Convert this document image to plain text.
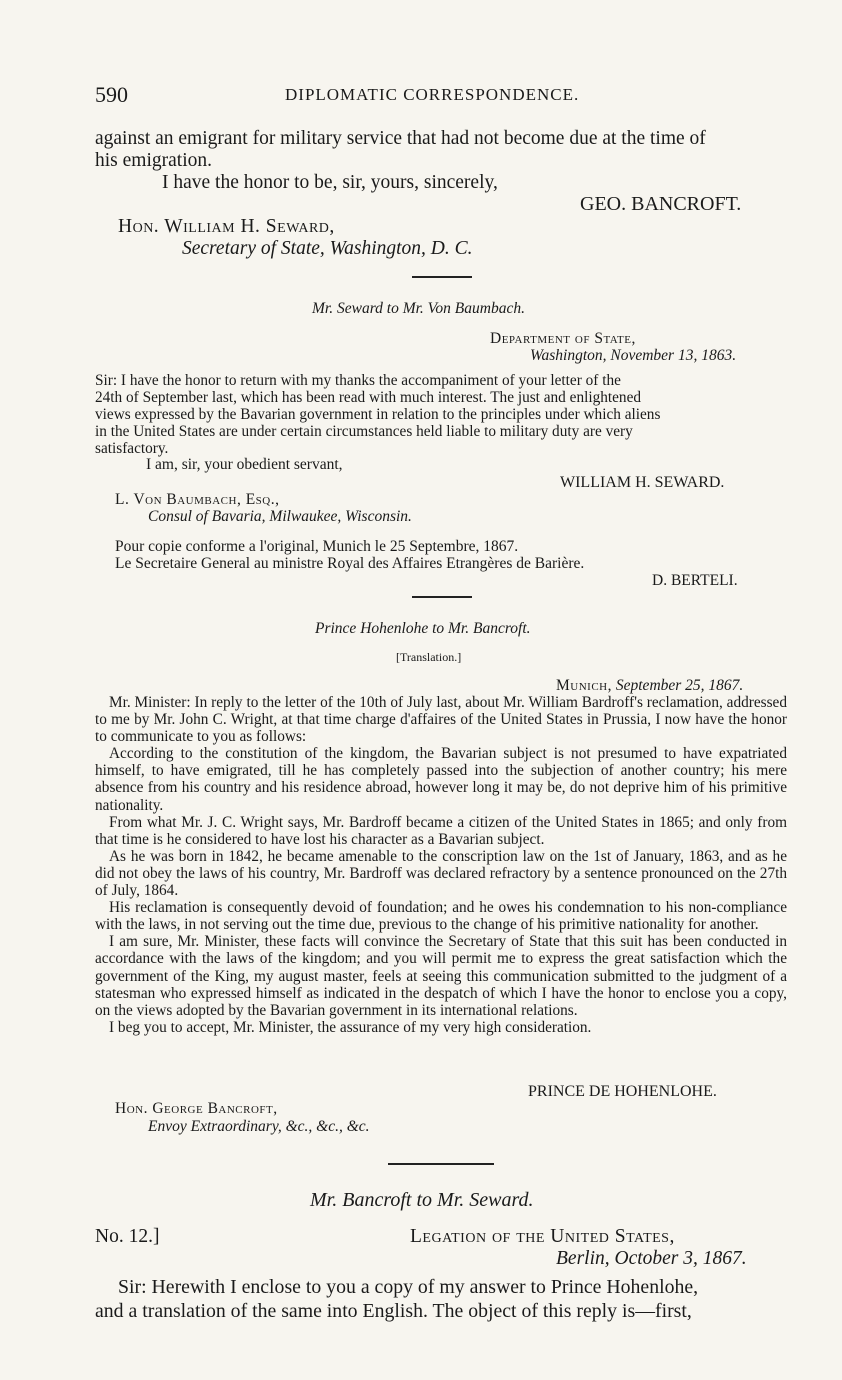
590	DIPLOMATIC CORRESPONDENCE.
against an emigrant for military service that had not become due at the time of
his emigration.
I have the honor to be, sir, yours, sincerely,
GEO. BANCROFT.
Hon. William H. Seward,
Secretary of State, Washington, D. C.
Mr. Seward to Mr. Von Baumbach.
Department of State,
Washington, November 13, 1863.
Sir: I have the honor to return with my thanks the accompaniment of your letter of the
24th of September last, which has been read with much interest. The just and enlightened
views expressed by the Bavarian government in relation to the principles under which aliens
in the United States are under certain circumstances held liable to military duty are very
satisfactory.
I am, sir, your obedient servant,
WILLIAM H. SEWARD.
L. Von Baumbach, Esq.,
Consul of Bavaria, Milwaukee, Wisconsin.
Pour copie conforme a l'original, Munich le 25 Septembre, 1867.
Le Secretaire General au ministre Royal des Affaires Etrangères de Barière.
D. BERTELI.
Prince Hohenlohe to Mr. Bancroft.
[Translation.]
Munich, September 25, 1867.
Mr. Minister: In reply to the letter of the 10th of July last, about Mr. William Bardroff's reclamation, addressed to me by Mr. John C. Wright, at that time charge d'affaires of the United States in Prussia, I now have the honor to communicate to you as follows:
According to the constitution of the kingdom, the Bavarian subject is not presumed to have expatriated himself, to have emigrated, till he has completely passed into the subjection of another country; his mere absence from his country and his residence abroad, however long it may be, do not deprive him of his primitive nationality.
From what Mr. J. C. Wright says, Mr. Bardroff became a citizen of the United States in 1865; and only from that time is he considered to have lost his character as a Bavarian subject.
As he was born in 1842, he became amenable to the conscription law on the 1st of January, 1863, and as he did not obey the laws of his country, Mr. Bardroff was declared refractory by a sentence pronounced on the 27th of July, 1864.
His reclamation is consequently devoid of foundation; and he owes his condemnation to his non-compliance with the laws, in not serving out the time due, previous to the change of his primitive nationality for another.
I am sure, Mr. Minister, these facts will convince the Secretary of State that this suit has been conducted in accordance with the laws of the kingdom; and you will permit me to express the great satisfaction which the government of the King, my august master, feels at seeing this communication submitted to the judgment of a statesman who expressed himself as indicated in the despatch of which I have the honor to enclose you a copy, on the views adopted by the Bavarian government in its international relations.
I beg you to accept, Mr. Minister, the assurance of my very high consideration.
PRINCE DE HOHENLOHE.
Hon. George Bancroft,
Envoy Extraordinary, &c., &c., &c.
Mr. Bancroft to Mr. Seward.
No. 12.]	Legation of the United States,
Berlin, October 3, 1867.
Sir: Herewith I enclose to you a copy of my answer to Prince Hohenlohe,
and a translation of the same into English. The object of this reply is—first,
